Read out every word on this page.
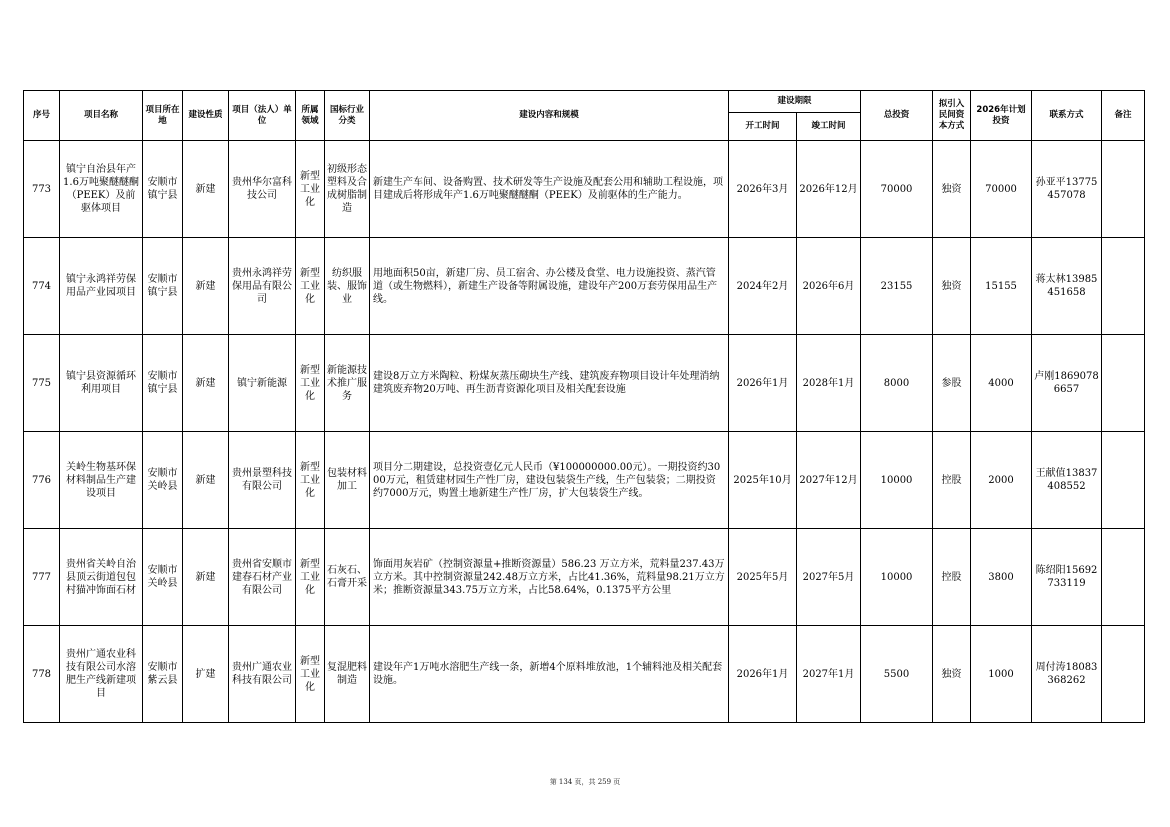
序号	项目名称	项目所在地	建设性质	项目（法人）单位	所属领域	国标行业分类	建设内容和规模	建设期限		总投资	拟引入民间资本方式	2026年计划投资	联系方式	备注
								开工时间	竣工时间					
773	镇宁自治县年产1.6万吨聚醚醚酮（PEEK）及前驱体项目	安顺市镇宁县	新建	贵州华尔富科技公司	新型工业化	初级形态塑料及合成树脂制造	新建生产车间、设备购置、技术研发等生产设施及配套公用和辅助工程设施，项目建成后将形成年产1.6万吨聚醚醚酮（PEEK）及前驱体的生产能力。	2026年3月	2026年12月	70000	独资	70000	孙亚平13775457078	
774	镇宁永鸿祥劳保用品产业园项目	安顺市镇宁县	新建	贵州永鸿祥劳保用品有限公司	新型工业化	纺织服装、服饰业	用地面积50亩，新建厂房、员工宿舍、办公楼及食堂、电力设施投资、蒸汽管道（或生物燃料），新建生产设备等附属设施，建设年产200万套劳保用品生产线。	2024年2月	2026年6月	23155	独资	15155	蒋太林13985451658	
775	镇宁县资源循环利用项目	安顺市镇宁县	新建	镇宁新能源	新型工业化	新能源技术推广服务	建设8万立方米陶粒、粉煤灰蒸压砌块生产线、建筑废弃物项目设计年处理消纳建筑废弃物20万吨、再生沥青资源化项目及相关配套设施	2026年1月	2028年1月	8000	参股	4000	卢刚18690786657	
776	关岭生物基环保材料制品生产建设项目	安顺市关岭县	新建	贵州景塑科技有限公司	新型工业化	包装材料加工	项目分二期建设，总投资壹亿元人民币（¥100000000.00元）。一期投资约3000万元，租赁建材园生产性厂房，建设包装袋生产线，生产包装袋；二期投资约7000万元，购置土地新建生产性厂房，扩大包装袋生产线。	2025年10月	2027年12月	10000	控股	2000	王献值13837408552	
777	贵州省关岭自治县顶云街道包包村猫冲饰面石材	安顺市关岭县	新建	贵州省安顺市建春石材产业有限公司	新型工业化	石灰石、石膏开采	饰面用灰岩矿（控制资源量+推断资源量）586.23 万立方米，荒料量237.43万立方米。其中控制资源量242.48万立方米，占比41.36%，荒料量98.21万立方米；推断资源量343.75万立方米，占比58.64%，0.1375平方公里	2025年5月	2027年5月	10000	控股	3800	陈绍阳15692733119	
778	贵州广通农业科技有限公司水溶肥生产线新建项目	安顺市紫云县	扩建	贵州广通农业科技有限公司	新型工业化	复混肥料制造	建设年产1万吨水溶肥生产线一条，新增4个原料堆放池，1个辅料池及相关配套设施。	2026年1月	2027年1月	5500	独资	1000	周付涛18083368262	
第 134 页，共 259 页
